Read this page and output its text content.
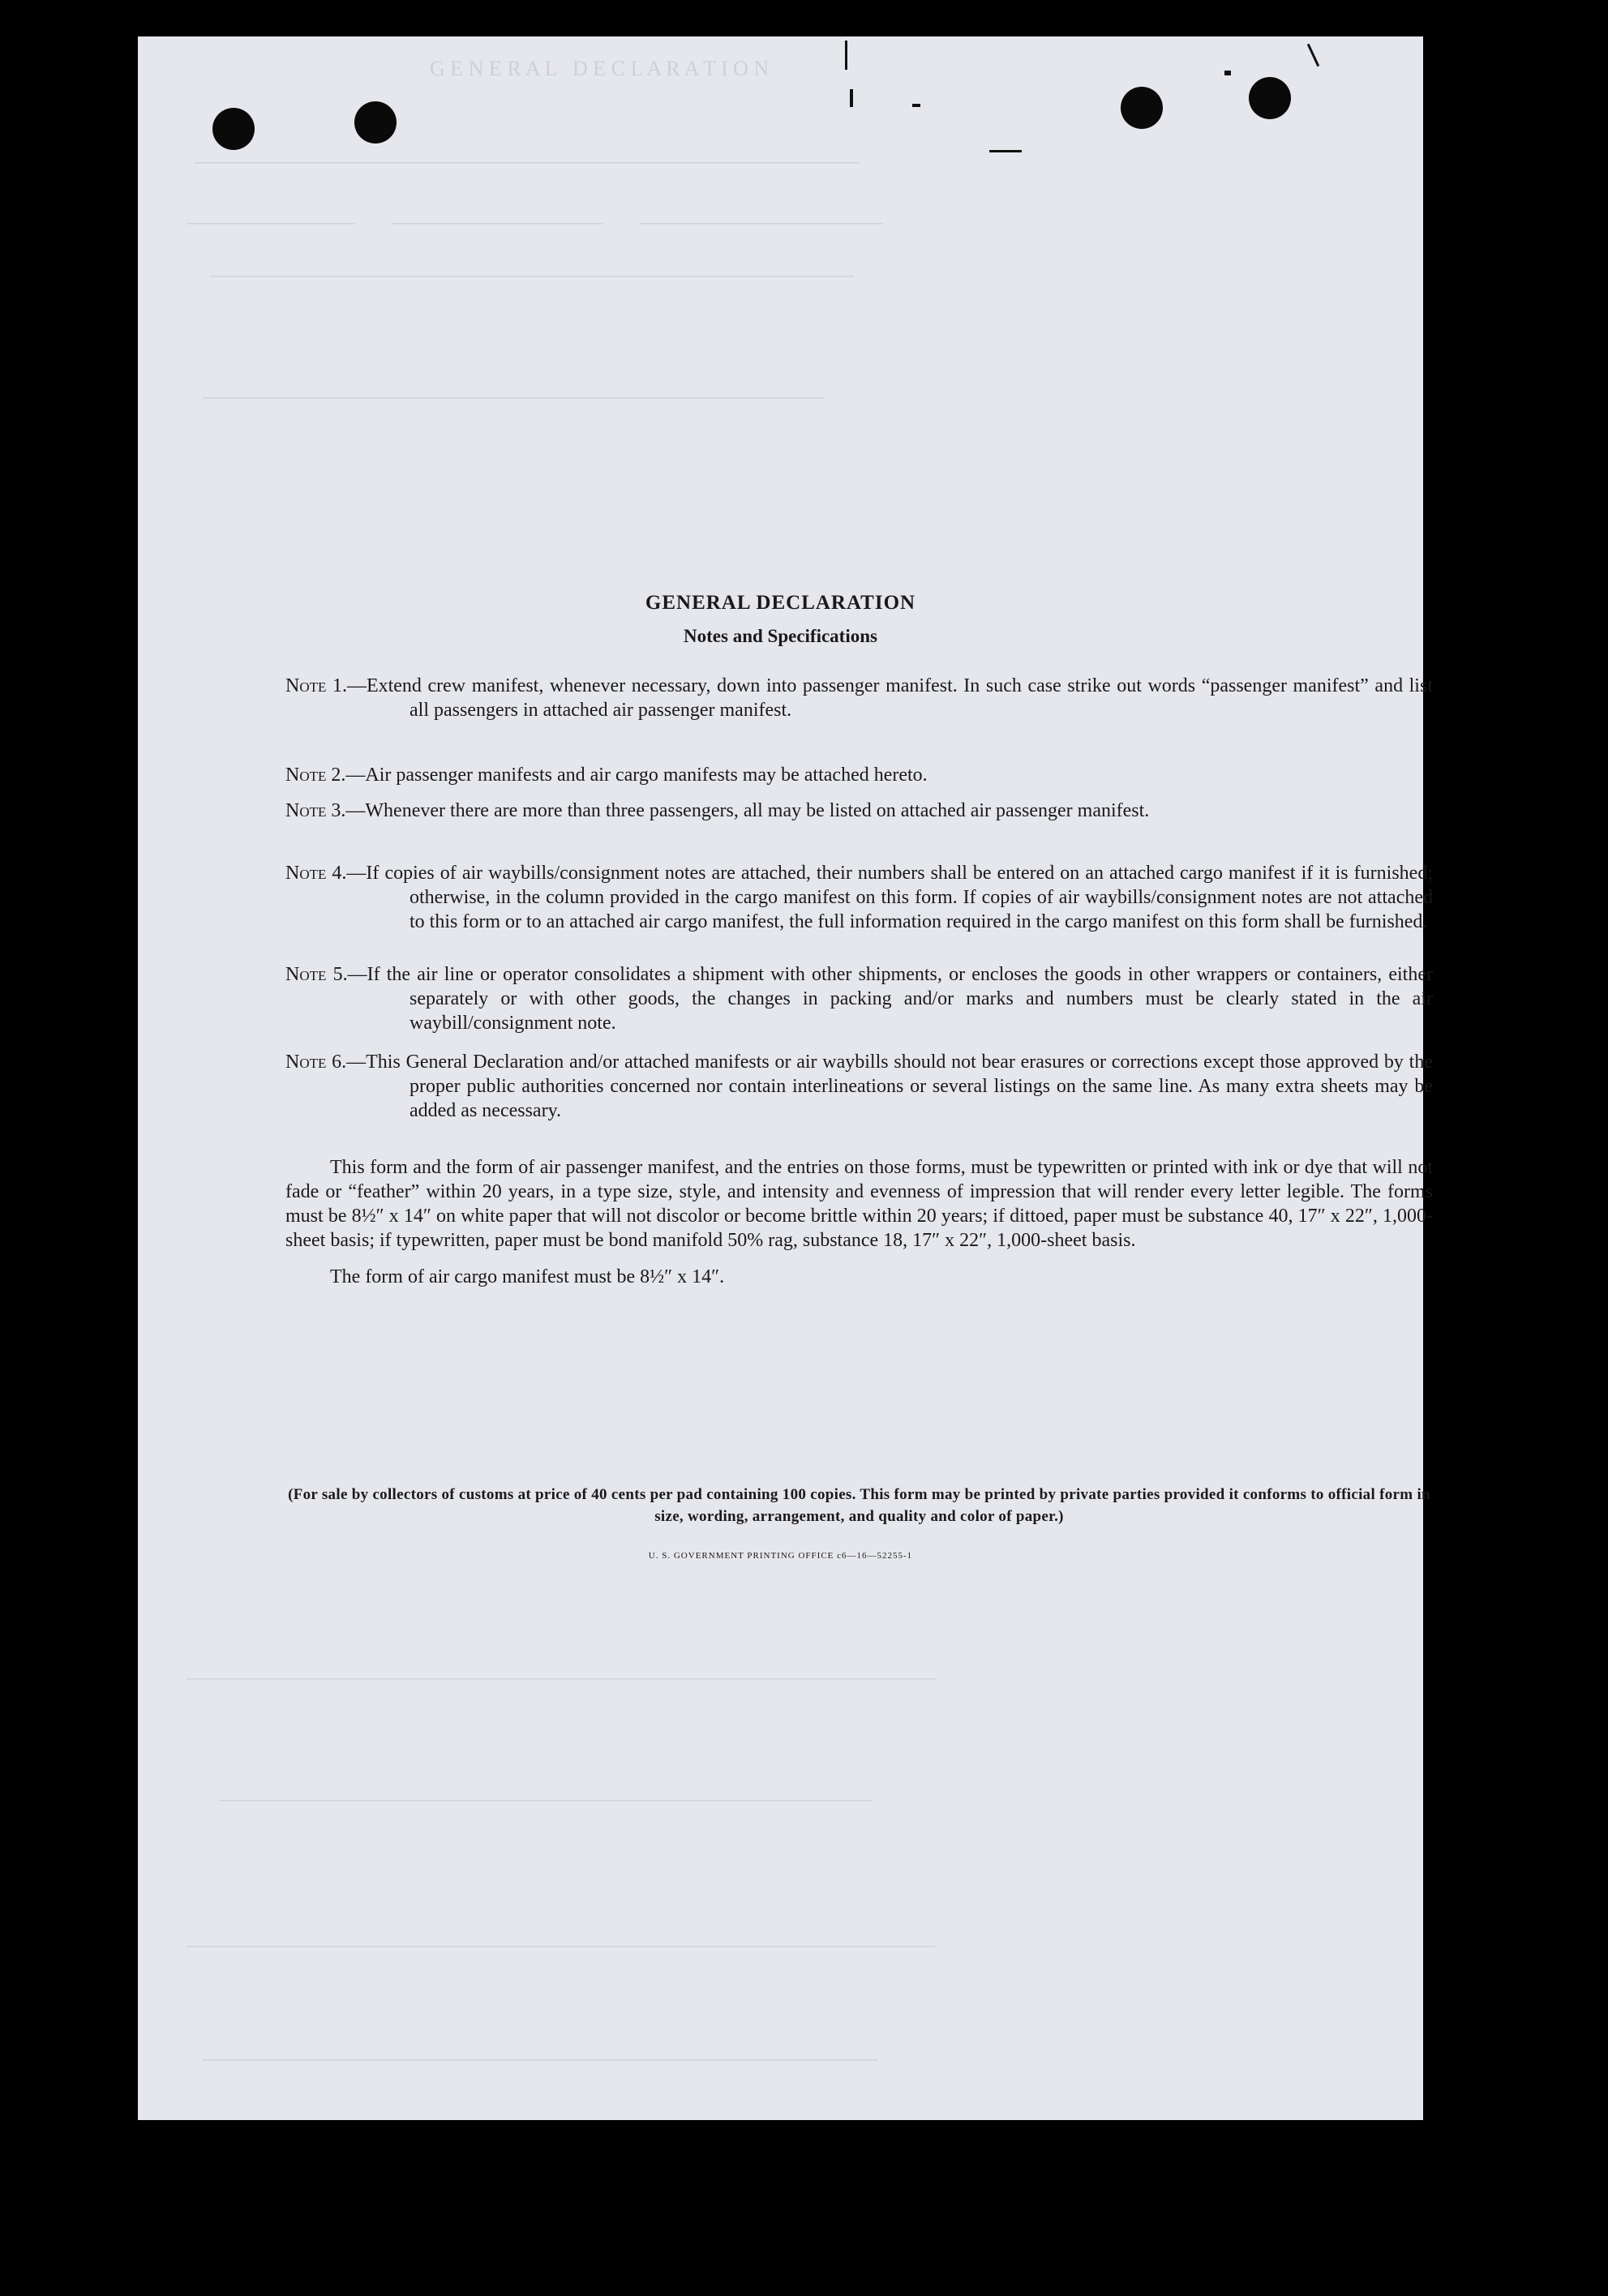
G E N E R A L   D E C L A R A T I O N
_______________________________________________________________
________________       ____________________       _______________________
_____________________________________________________________
___________________________________________________________
_______________________________________________________________________
______________________________________________________________
_______________________________________________________________________
________________________________________________________________
GENERAL DECLARATION
Notes and Specifications
Note 1.—Extend crew manifest, whenever necessary, down into passenger manifest. In such case strike out words “passenger manifest” and list all passengers in attached air passenger manifest.
Note 2.—Air passenger manifests and air cargo manifests may be attached hereto.
Note 3.—Whenever there are more than three passengers, all may be listed on attached air passenger manifest.
Note 4.—If copies of air waybills/consignment notes are attached, their numbers shall be entered on an attached cargo manifest if it is furnished; otherwise, in the column provided in the cargo manifest on this form. If copies of air waybills/consignment notes are not attached to this form or to an attached air cargo manifest, the full information required in the cargo manifest on this form shall be furnished.
Note 5.—If the air line or operator consolidates a shipment with other shipments, or encloses the goods in other wrappers or containers, either separately or with other goods, the changes in packing and/or marks and numbers must be clearly stated in the air waybill/consignment note.
Note 6.—This General Declaration and/or attached manifests or air waybills should not bear erasures or corrections except those approved by the proper public authorities concerned nor contain interlineations or several listings on the same line. As many extra sheets may be added as necessary.
This form and the form of air passenger manifest, and the entries on those forms, must be typewritten or printed with ink or dye that will not fade or “feather” within 20 years, in a type size, style, and intensity and evenness of impression that will render every letter legible. The forms must be 8½″ x 14″ on white paper that will not discolor or become brittle within 20 years; if dittoed, paper must be substance 40, 17″ x 22″, 1,000-sheet basis; if typewritten, paper must be bond manifold 50% rag, substance 18, 17″ x 22″, 1,000-sheet basis.
The form of air cargo manifest must be 8½″ x 14″.
(For sale by collectors of customs at price of 40 cents per pad containing 100 copies. This form may be printed by private parties provided it conforms to official form in size, wording, arrangement, and quality and color of paper.)
U. S. GOVERNMENT PRINTING OFFICE c6—16—52255-1
